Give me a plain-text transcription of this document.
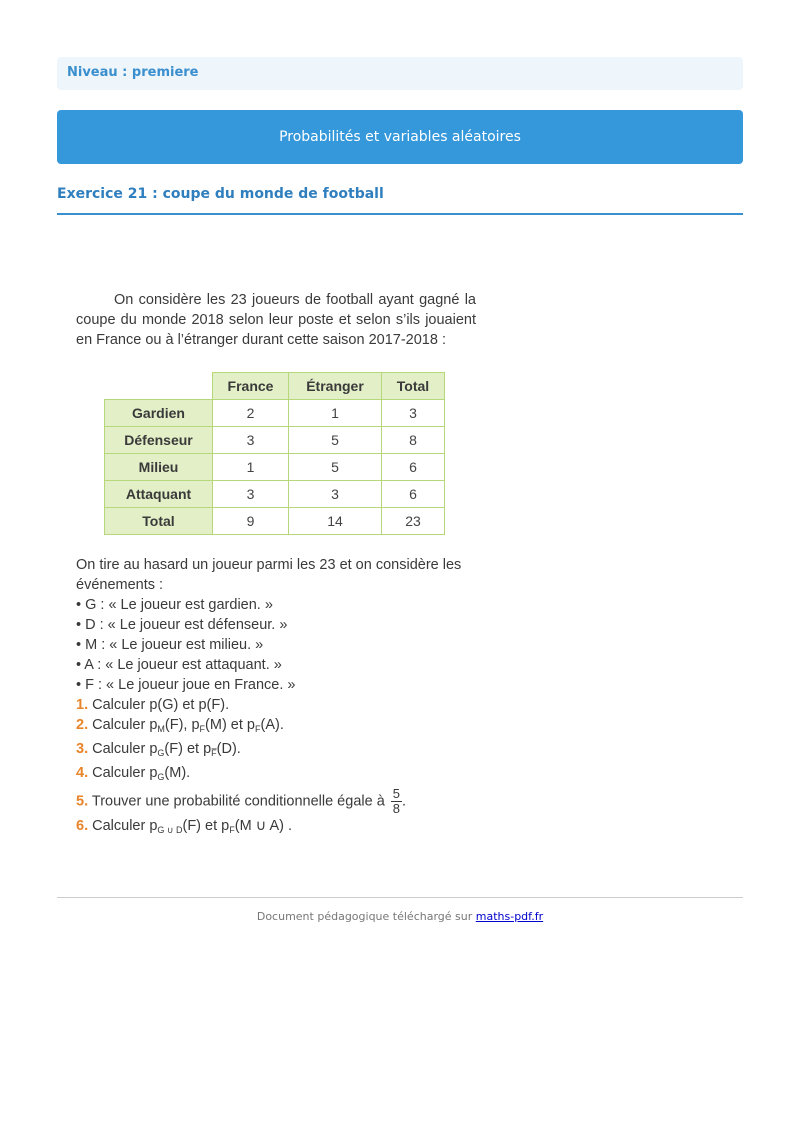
Niveau : premiere
Probabilités et variables aléatoires
Exercice 21 : coupe du monde de football

On considère les 23 joueurs de football ayant gagné la coupe du monde 2018 selon leur poste et selon s’ils jouaient en France ou à l’étranger durant cette saison 2017-2018 :

	France	Étranger	Total
Gardien	2	1	3
Défenseur	3	5	8
Milieu	1	5	6
Attaquant	3	3	6
Total	9	14	23

On tire au hasard un joueur parmi les 23 et on considère les événements :

• G : « Le joueur est gardien. »

• D : « Le joueur est défenseur. »

• M : « Le joueur est milieu. »

• A : « Le joueur est attaquant. »

• F : « Le joueur joue en France. »

1. Calculer p(G) et p(F).

2. Calculer $p_M(F)$, $p_F(M)$ et $p_F(A)$.

3. Calculer $p_G(F)$ et $p_{F̅}(D)$.

4. Calculer $p_G(M)$.

5. Trouver une probabilité conditionnelle égale à $\frac{5}{8}$ .

6. Calculer $p_{G \cup D}(F)$ et $p_F(M$ ∪ A) .

Document pédagogique téléchargé sur maths-pdf.fr
